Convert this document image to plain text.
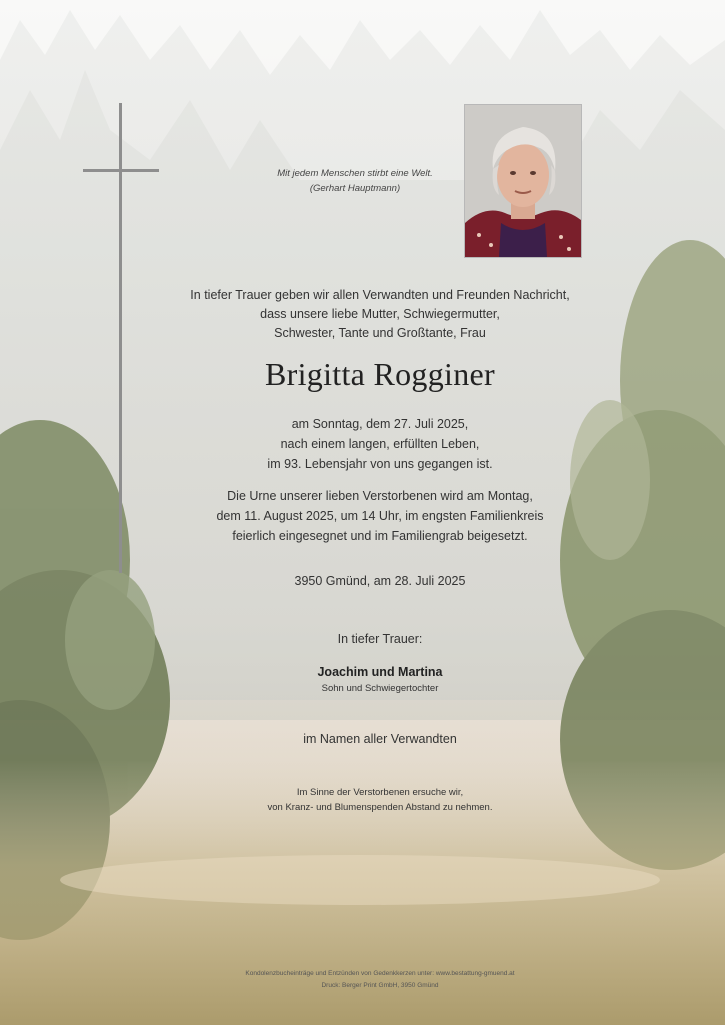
Mit jedem Menschen stirbt eine Welt.
(Gerhart Hauptmann)
In tiefer Trauer geben wir allen Verwandten und Freunden Nachricht,
dass unsere liebe Mutter, Schwiegermutter,
Schwester, Tante und Großtante, Frau
Brigitta Rogginer
am Sonntag, dem 27. Juli 2025,
nach einem langen, erfüllten Leben,
im 93. Lebensjahr von uns gegangen ist.
Die Urne unserer lieben Verstorbenen wird am Montag,
dem 11. August 2025, um 14 Uhr, im engsten Familienkreis
feierlich eingesegnet und im Familiengrab beigesetzt.
3950 Gmünd, am 28. Juli 2025
In tiefer Trauer:
Joachim und Martina
Sohn und Schwiegertochter
im Namen aller Verwandten
Im Sinne der Verstorbenen ersuche wir,
von Kranz- und Blumenspenden Abstand zu nehmen.
Kondolenzbucheinträge und Entzünden von Gedenkkerzen unter: www.bestattung-gmuend.at
Druck: Berger Print GmbH, 3950 Gmünd
